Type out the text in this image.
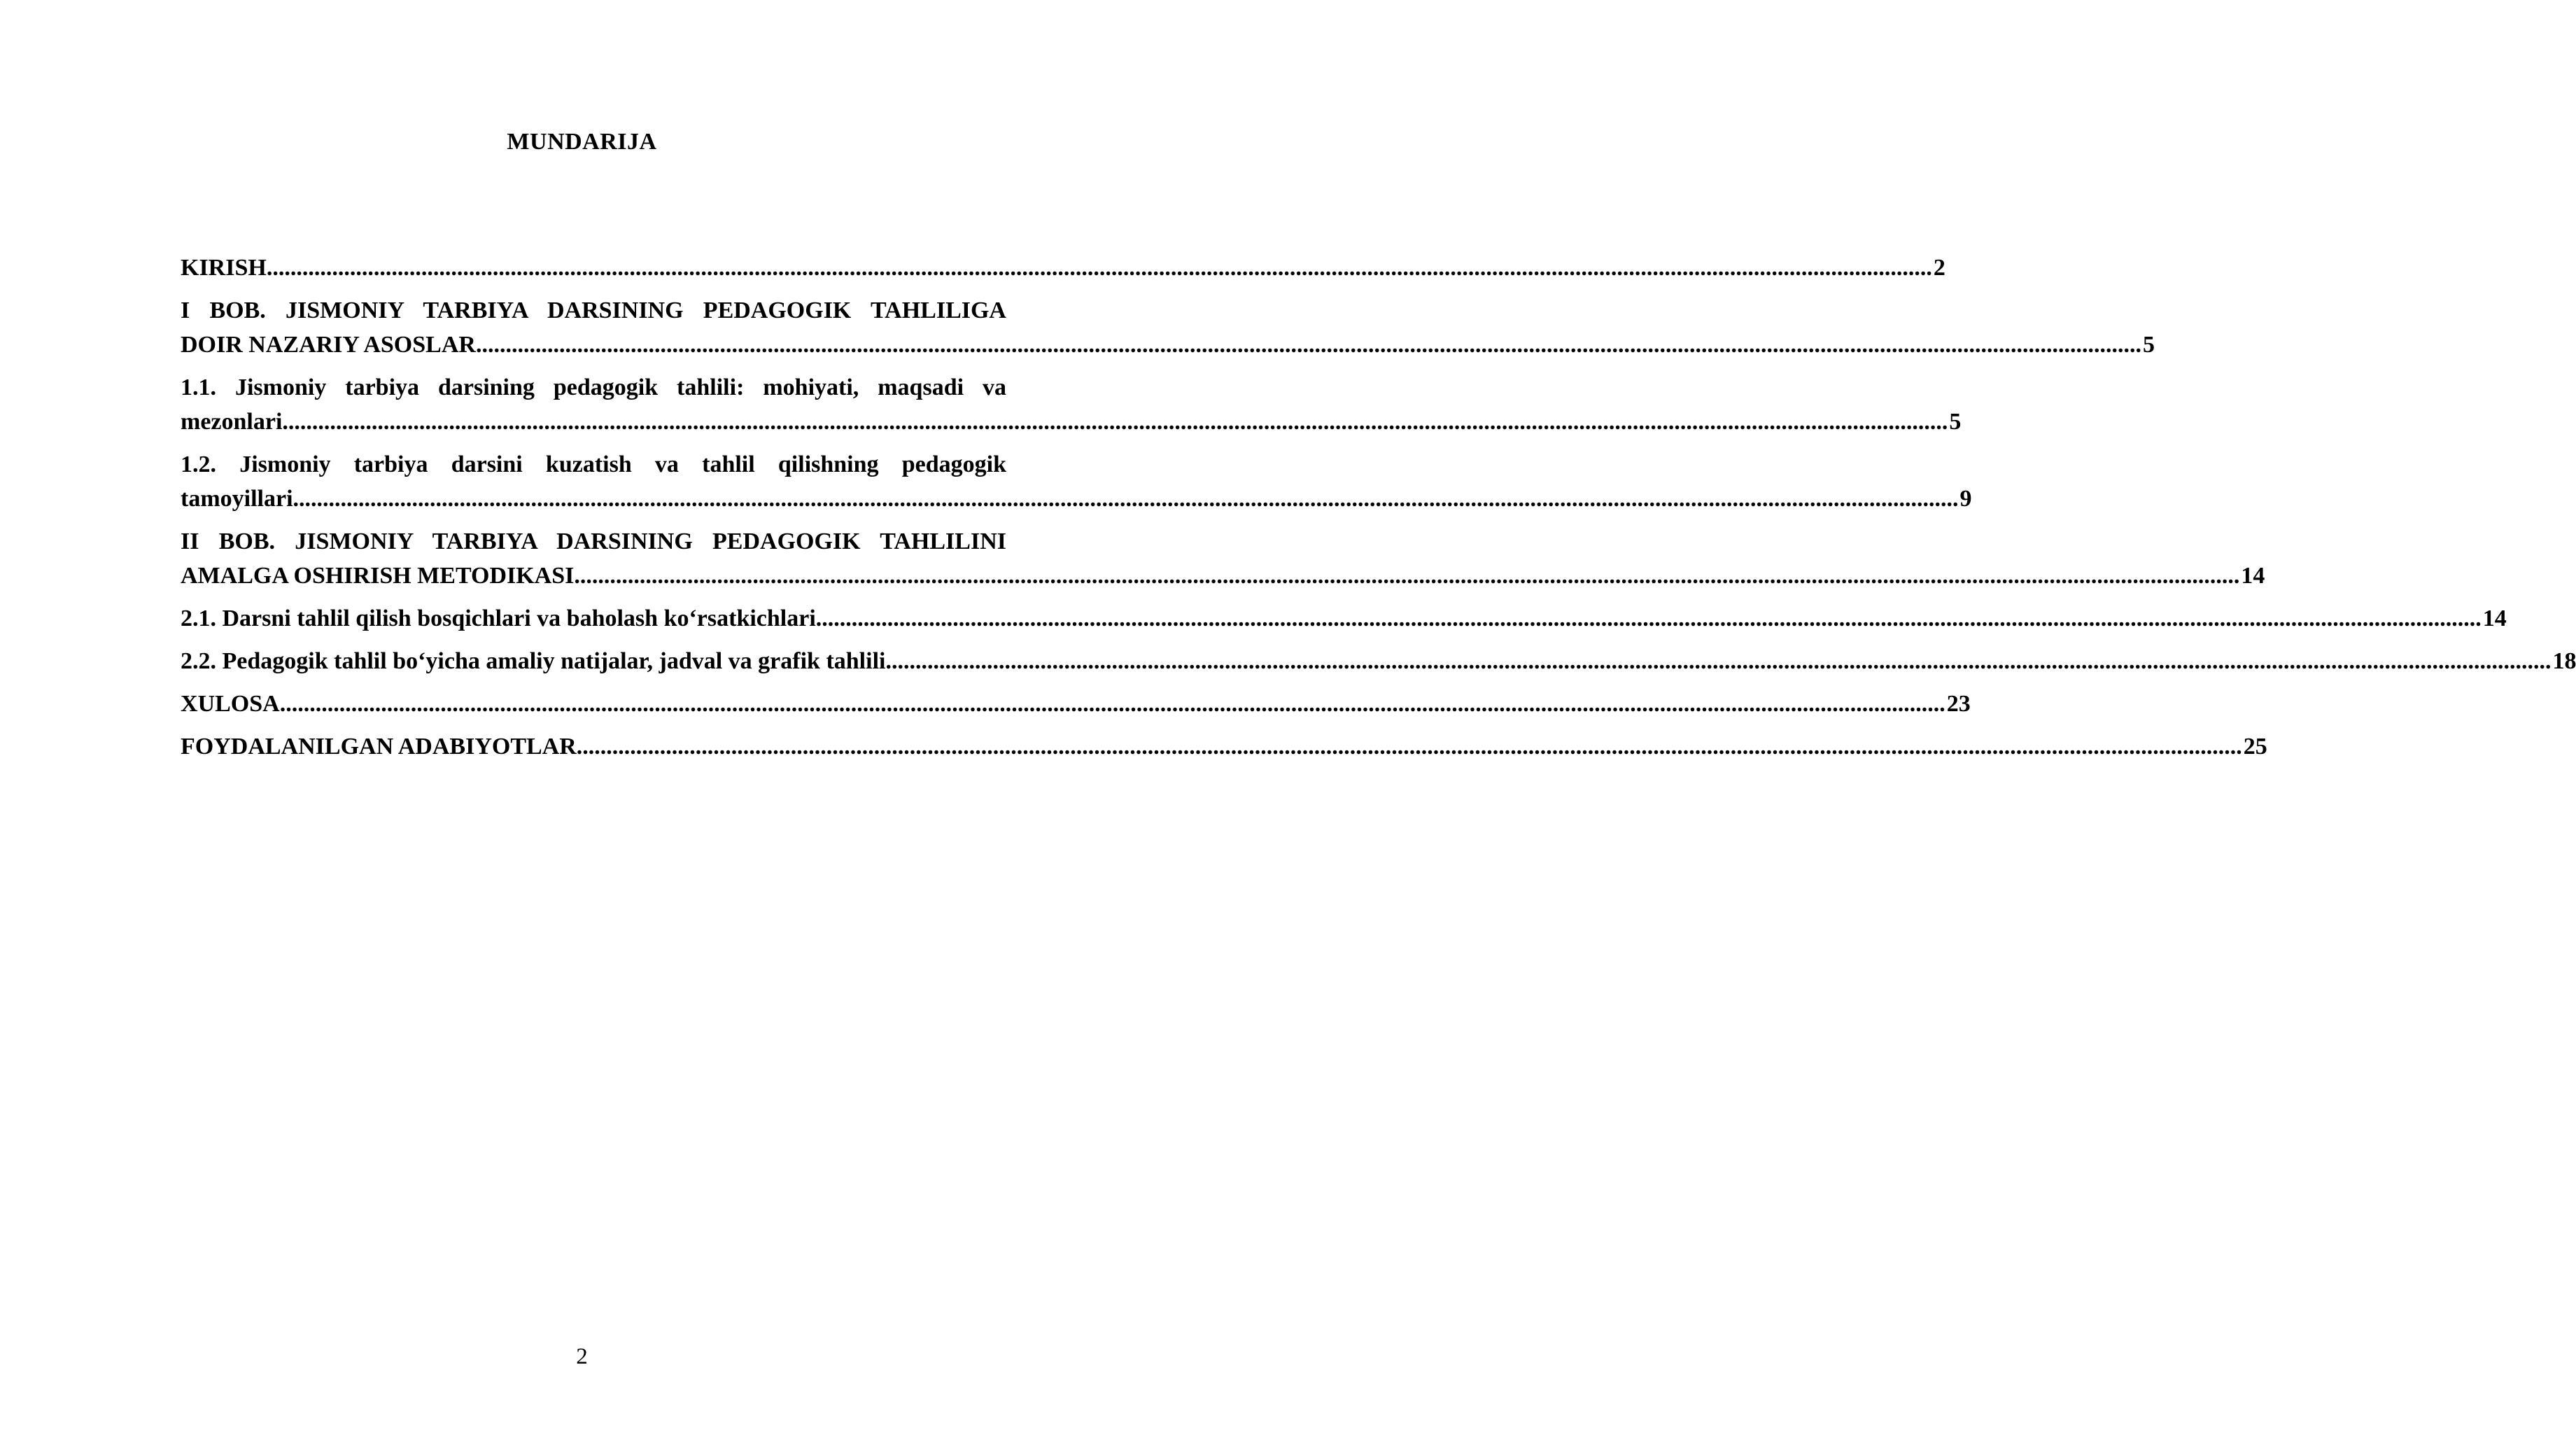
MUNDARIJA
KIRISH .....	2
I BOB. JISMONIY TARBIYA DARSINING PEDAGOGIK TAHLILIGA
DOIR NAZARIY ASOSLAR .....	5
1.1. Jismoniy tarbiya darsining pedagogik tahlili: mohiyati, maqsadi va
mezonlari .....	5
1.2. Jismoniy tarbiya darsini kuzatish va tahlil qilishning pedagogik
tamoyillari .....	9
II BOB. JISMONIY TARBIYA DARSINING PEDAGOGIK TAHLILINI
AMALGA OSHIRISH METODIKASI .....	14
2.1. Darsni tahlil qilish bosqichlari va baholash ko‘rsatkichlari .....	14
2.2. Pedagogik tahlil bo‘yicha amaliy natijalar, jadval va grafik tahlili .....	18
XULOSA .....	23
FOYDALANILGAN ADABIYOTLAR .....	25
2
